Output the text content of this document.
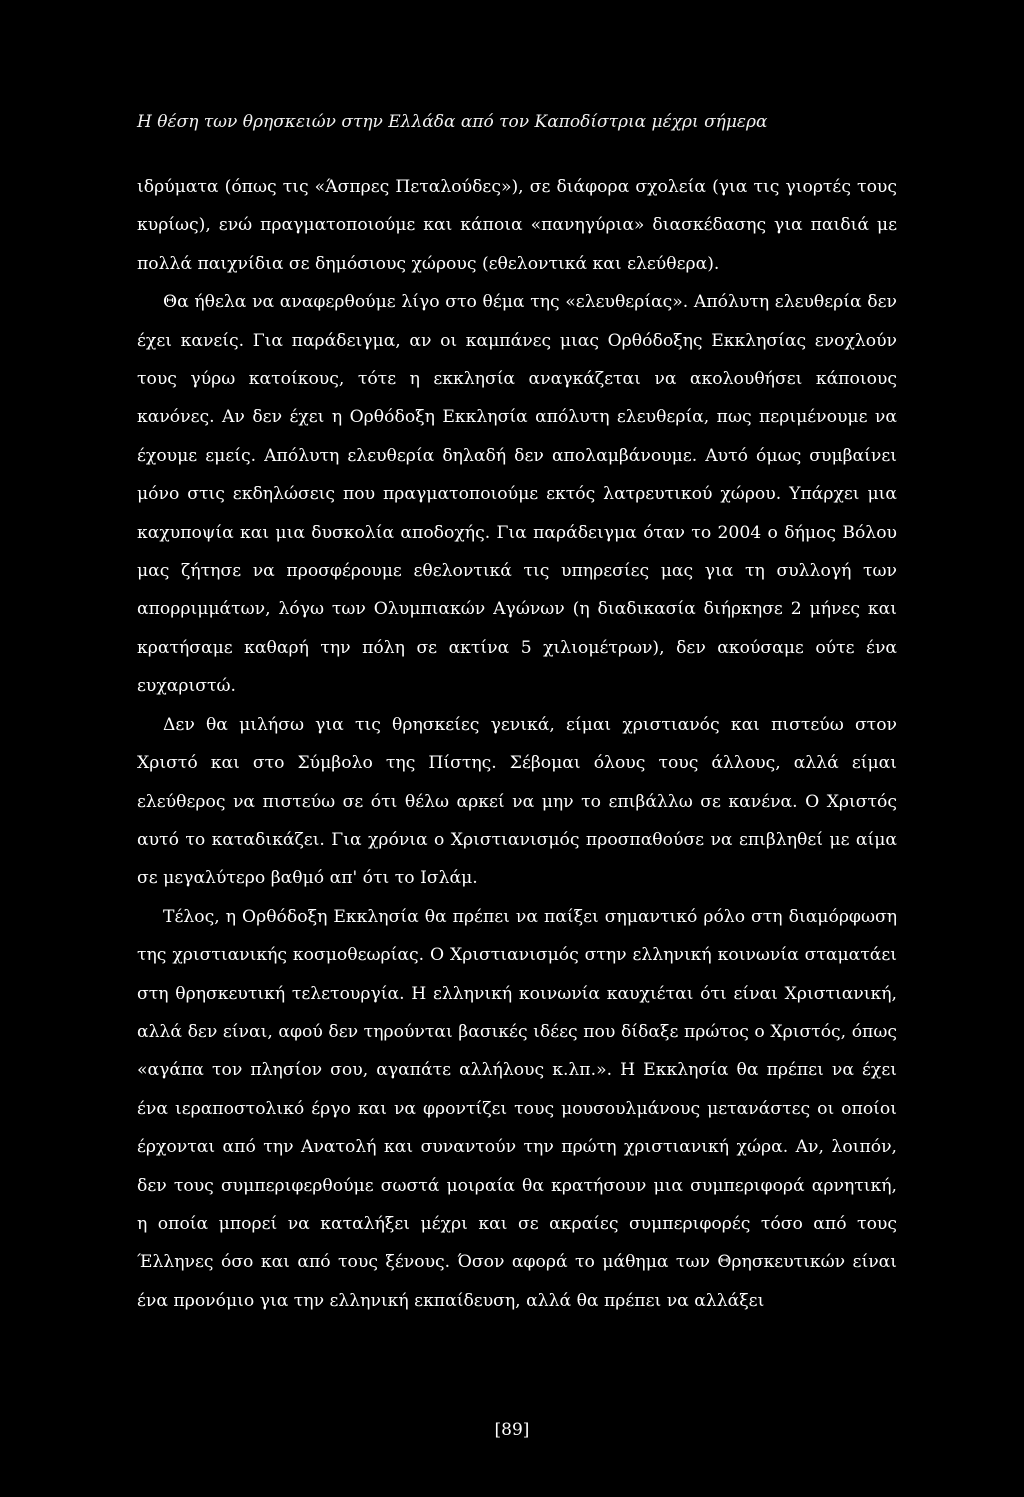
Η θέση των θρησκειών στην Ελλάδα από τον Καποδίστρια μέχρι σήμερα

ιδρύματα (όπως τις «Άσπρες Πεταλούδες»), σε διάφορα σχολεία (για τις γιορτές τους κυρίως), ενώ πραγματοποιούμε και κάποια «πανηγύρια» διασκέδασης για παιδιά με πολλά παιχνίδια σε δημόσιους χώρους (εθελοντικά και ελεύθερα).

Θα ήθελα να αναφερθούμε λίγο στο θέμα της «ελευθερίας». Απόλυτη ελευθερία δεν έχει κανείς. Για παράδειγμα, αν οι καμπάνες μιας Ορθόδοξης Εκκλησίας ενοχλούν τους γύρω κατοίκους, τότε η εκκλησία αναγκάζεται να ακολουθήσει κάποιους κανόνες. Αν δεν έχει η Ορθόδοξη Εκκλησία απόλυτη ελευθερία, πως περιμένουμε να έχουμε εμείς. Απόλυτη ελευθερία δηλαδή δεν απολαμβάνουμε. Αυτό όμως συμβαίνει μόνο στις εκδηλώσεις που πραγματοποιούμε εκτός λατρευτικού χώρου. Υπάρχει μια καχυποψία και μια δυσκολία αποδοχής. Για παράδειγμα όταν το 2004 ο δήμος Βόλου μας ζήτησε να προσφέρουμε εθελοντικά τις υπηρεσίες μας για τη συλλογή των απορριμμάτων, λόγω των Ολυμπιακών Αγώνων (η διαδικασία διήρκησε 2 μήνες και κρατήσαμε καθαρή την πόλη σε ακτίνα 5 χιλιομέτρων), δεν ακούσαμε ούτε ένα ευχαριστώ.

Δεν θα μιλήσω για τις θρησκείες γενικά, είμαι χριστιανός και πιστεύω στον Χριστό και στο Σύμβολο της Πίστης. Σέβομαι όλους τους άλλους, αλλά είμαι ελεύθερος να πιστεύω σε ότι θέλω αρκεί να μην το επιβάλλω σε κανένα. Ο Χριστός αυτό το καταδικάζει. Για χρόνια ο Χριστιανισμός προσπαθούσε να επιβληθεί με αίμα σε μεγαλύτερο βαθμό απ' ότι το Ισλάμ.

Τέλος, η Ορθόδοξη Εκκλησία θα πρέπει να παίξει σημαντικό ρόλο στη διαμόρφωση της χριστιανικής κοσμοθεωρίας. Ο Χριστιανισμός στην ελληνική κοινωνία σταματάει στη θρησκευτική τελετουργία. Η ελληνική κοινωνία καυχιέται ότι είναι Χριστιανική, αλλά δεν είναι, αφού δεν τηρούνται βασικές ιδέες που δίδαξε πρώτος ο Χριστός, όπως «αγάπα τον πλησίον σου, αγαπάτε αλλήλους κ.λπ.». Η Εκκλησία θα πρέπει να έχει ένα ιεραποστολικό έργο και να φροντίζει τους μουσουλμάνους μετανάστες οι οποίοι έρχονται από την Ανατολή και συναντούν την πρώτη χριστιανική χώρα. Αν, λοιπόν, δεν τους συμπεριφερθούμε σωστά μοιραία θα κρατήσουν μια συμπεριφορά αρνητική, η οποία μπορεί να καταλήξει μέχρι και σε ακραίες συμπεριφορές τόσο από τους Έλληνες όσο και από τους ξένους. Όσον αφορά το μάθημα των Θρησκευτικών είναι ένα προνόμιο για την ελληνική εκπαίδευση, αλλά θα πρέπει να αλλάξει

[89]
